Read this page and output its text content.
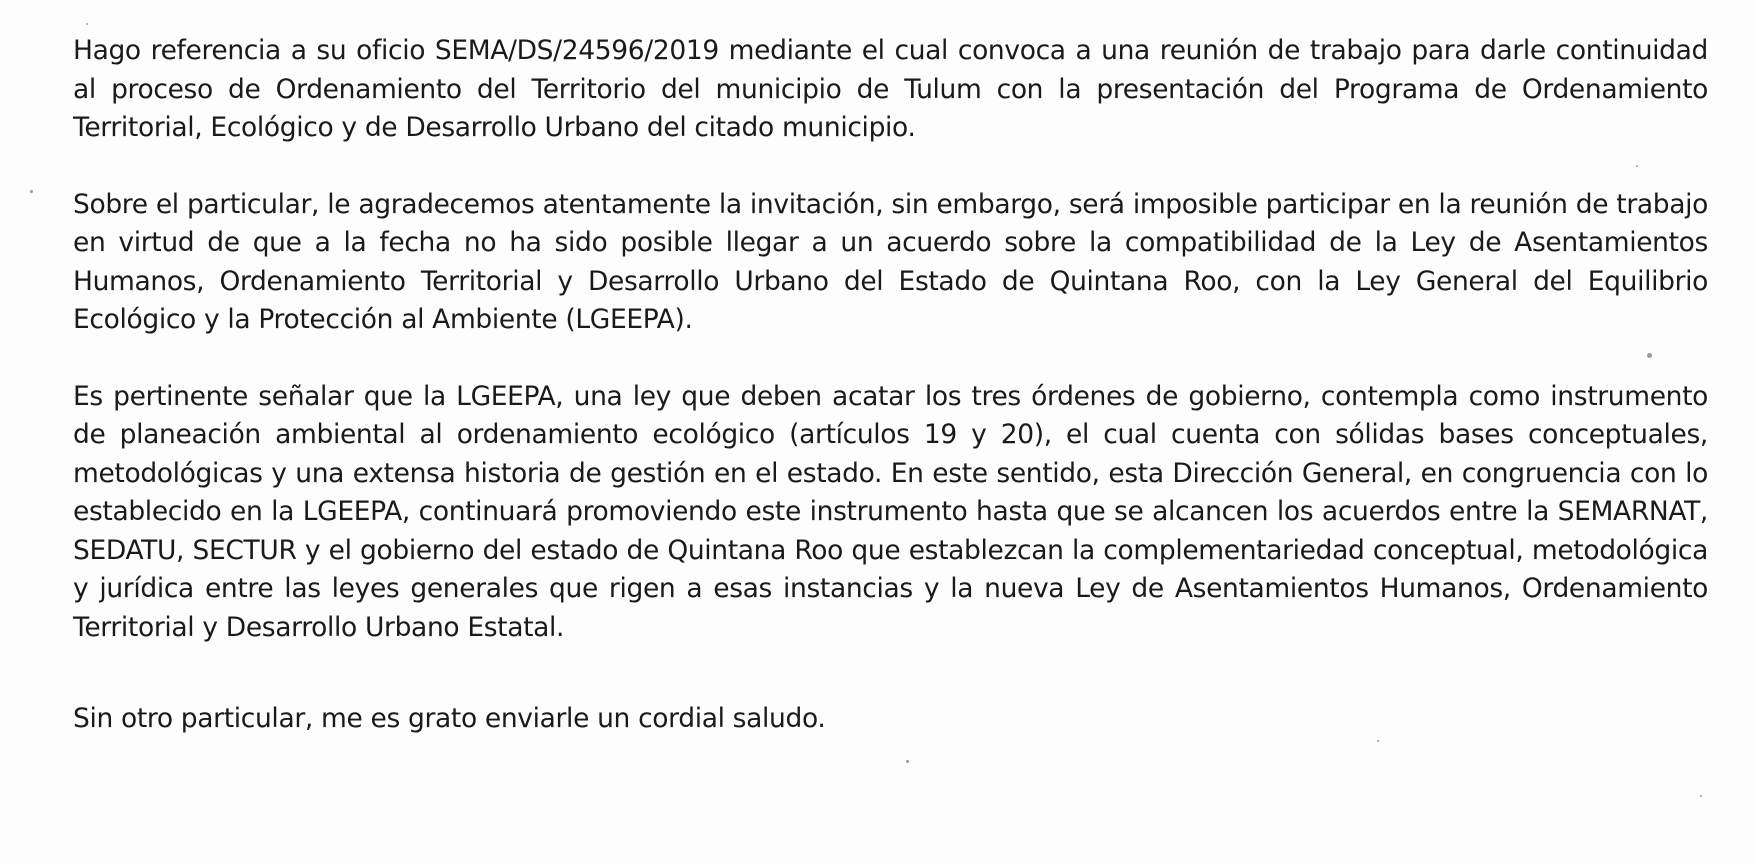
Hago referencia a su oficio SEMA/DS/24596/2019 mediante el cual convoca a una reunión de trabajo para darle continuidad al proceso de Ordenamiento del Territorio del municipio de Tulum con la presentación del Programa de Ordenamiento Territorial, Ecológico y de Desarrollo Urbano del citado municipio.

Sobre el particular, le agradecemos atentamente la invitación, sin embargo, será imposible participar en la reunión de trabajo en virtud de que a la fecha no ha sido posible llegar a un acuerdo sobre la compatibilidad de la Ley de Asentamientos Humanos, Ordenamiento Territorial y Desarrollo Urbano del Estado de Quintana Roo, con la Ley General del Equilibrio Ecológico y la Protección al Ambiente (LGEEPA).

Es pertinente señalar que la LGEEPA, una ley que deben acatar los tres órdenes de gobierno, contempla como instrumento de planeación ambiental al ordenamiento ecológico (artículos 19 y 20), el cual cuenta con sólidas bases conceptuales, metodológicas y una extensa historia de gestión en el estado. En este sentido, esta Dirección General, en congruencia con lo establecido en la LGEEPA, continuará promoviendo este instrumento hasta que se alcancen los acuerdos entre la SEMARNAT, SEDATU, SECTUR y el gobierno del estado de Quintana Roo que establezcan la complementariedad conceptual, metodológica y jurídica entre las leyes generales que rigen a esas instancias y la nueva Ley de Asentamientos Humanos, Ordenamiento Territorial y Desarrollo Urbano Estatal.

Sin otro particular, me es grato enviarle un cordial saludo.
